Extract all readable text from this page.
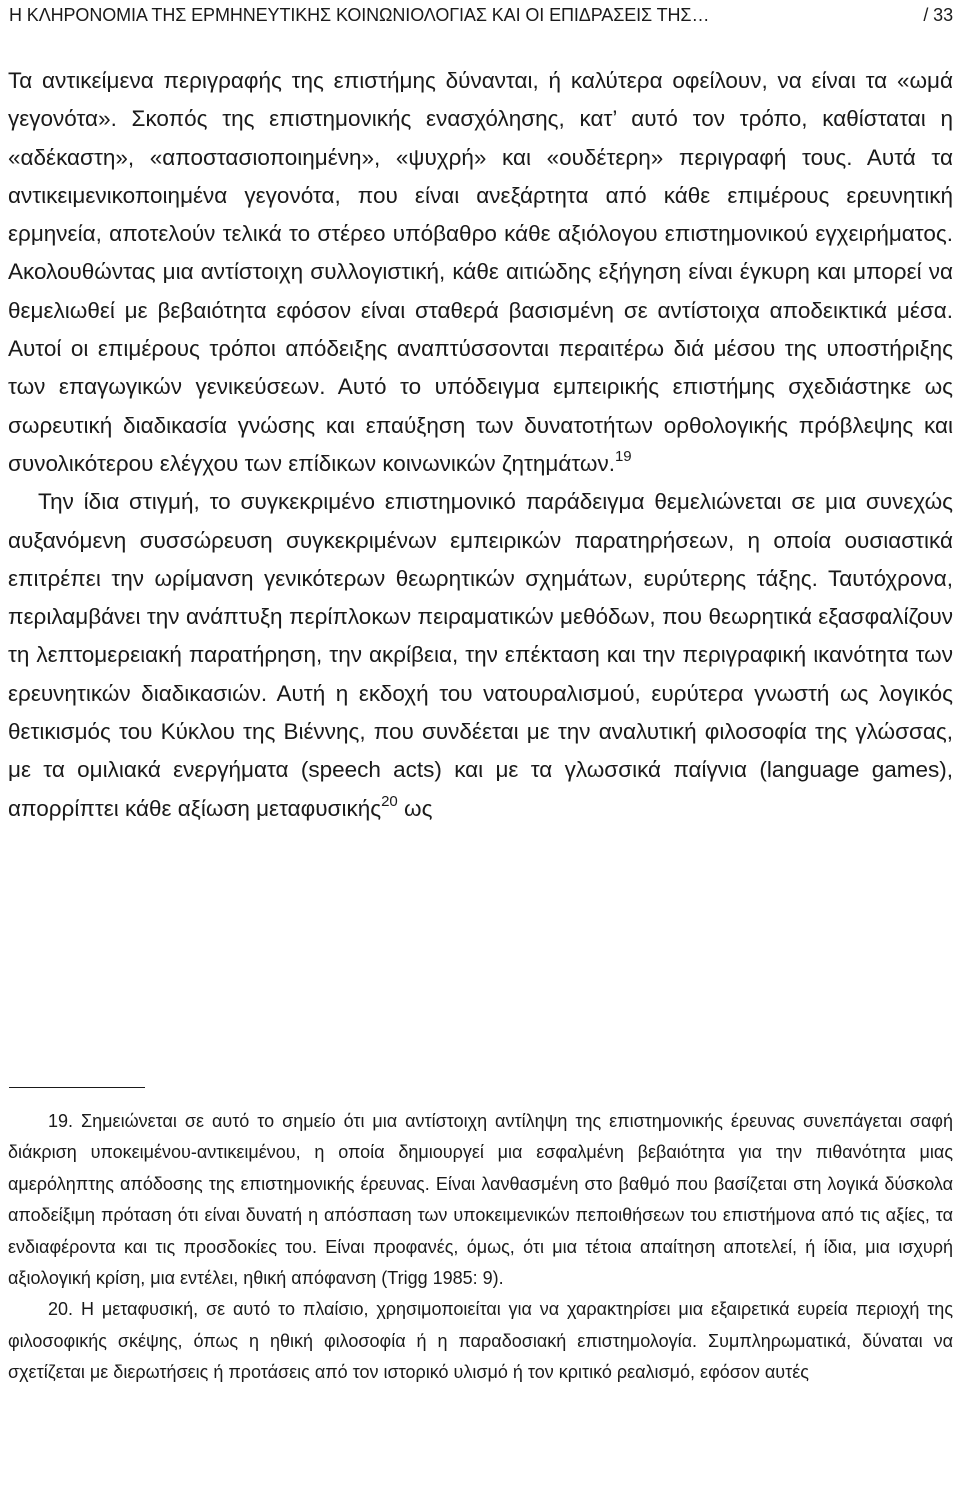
Η ΚΛΗΡΟΝΟΜΙΑ ΤΗΣ ΕΡΜΗΝΕΥΤΙΚΗΣ ΚΟΙΝΩΝΙΟΛΟΓΙΑΣ ΚΑΙ ΟΙ ΕΠΙΔΡΑΣΕΙΣ ΤΗΣ…	/ 33

Τα αντικείμενα περιγραφής της επιστήμης δύνανται, ή καλύτερα οφείλουν, να είναι τα «ωμά γεγονότα». Σκοπός της επιστημονικής ενασχόλησης, κατ’ αυτό τον τρόπο, καθίσταται η «αδέκαστη», «αποστασιοποιημένη», «ψυχρή» και «ουδέτερη» περιγραφή τους. Αυτά τα αντικειμενικοποιημένα γεγονότα, που είναι ανεξάρτητα από κάθε επιμέρους ερευνητική ερμηνεία, αποτελούν τελικά το στέρεο υπόβαθρο κάθε αξιόλογου επιστημονικού εγχειρήματος. Ακολουθώντας μια αντίστοιχη συλλογιστική, κάθε αιτιώδης εξήγηση είναι έγκυρη και μπορεί να θεμελιωθεί με βεβαιότητα εφόσον είναι σταθερά βασισμένη σε αντίστοιχα αποδεικτικά μέσα. Αυτοί οι επιμέρους τρόποι απόδειξης αναπτύσσονται περαιτέρω διά μέσου της υποστήριξης των επαγωγικών γενικεύσεων. Αυτό το υπόδειγμα εμπειρικής επιστήμης σχεδιάστηκε ως σωρευτική διαδικασία γνώσης και επαύξηση των δυνατοτήτων ορθολογικής πρόβλεψης και συνολικότερου ελέγχου των επίδικων κοινωνικών ζητημάτων.$^{19}$

Την ίδια στιγμή, το συγκεκριμένο επιστημονικό παράδειγμα θεμελιώνεται σε μια συνεχώς αυξανόμενη συσσώρευση συγκεκριμένων εμπειρικών παρατηρήσεων, η οποία ουσιαστικά επιτρέπει την ωρίμανση γενικότερων θεωρητικών σχημάτων, ευρύτερης τάξης. Ταυτόχρονα, περιλαμβάνει την ανάπτυξη περίπλοκων πειραματικών μεθόδων, που θεωρητικά εξασφαλίζουν τη λεπτομερειακή παρατήρηση, την ακρίβεια, την επέκταση και την περιγραφική ικανότητα των ερευνητικών διαδικασιών. Αυτή η εκδοχή του νατουραλισμού, ευρύτερα γνωστή ως λογικός θετικισμός του Κύκλου της Βιέννης, που συνδέεται με την αναλυτική φιλοσοφία της γλώσσας, με τα ομιλιακά ενεργήματα (speech acts) και με τα γλωσσικά παίγνια (language games), απορρίπτει κάθε αξίωση μεταφυσικής$^{20}$ ως

19. Σημειώνεται σε αυτό το σημείο ότι μια αντίστοιχη αντίληψη της επιστημονικής έρευνας συνεπάγεται σαφή διάκριση υποκειμένου-αντικειμένου, η οποία δημιουργεί μια εσφαλμένη βεβαιότητα για την πιθανότητα μιας αμερόληπτης απόδοσης της επιστημονικής έρευνας. Είναι λανθασμένη στο βαθμό που βασίζεται στη λογικά δύσκολα αποδείξιμη πρόταση ότι είναι δυνατή η απόσπαση των υποκειμενικών πεποιθήσεων του επιστήμονα από τις αξίες, τα ενδιαφέροντα και τις προσδοκίες του. Είναι προφανές, όμως, ότι μια τέτοια απαίτηση αποτελεί, ή ίδια, μια ισχυρή αξιολογική κρίση, μια εντέλει, ηθική απόφανση (Trigg 1985: 9).

20. Η μεταφυσική, σε αυτό το πλαίσιο, χρησιμοποιείται για να χαρακτηρίσει μια εξαιρετικά ευρεία περιοχή της φιλοσοφικής σκέψης, όπως η ηθική φιλοσοφία ή η παραδοσιακή επιστημολογία. Συμπληρωματικά, δύναται να σχετίζεται με διερωτήσεις ή προτάσεις από τον ιστορικό υλισμό ή τον κριτικό ρεαλισμό, εφόσον αυτές
